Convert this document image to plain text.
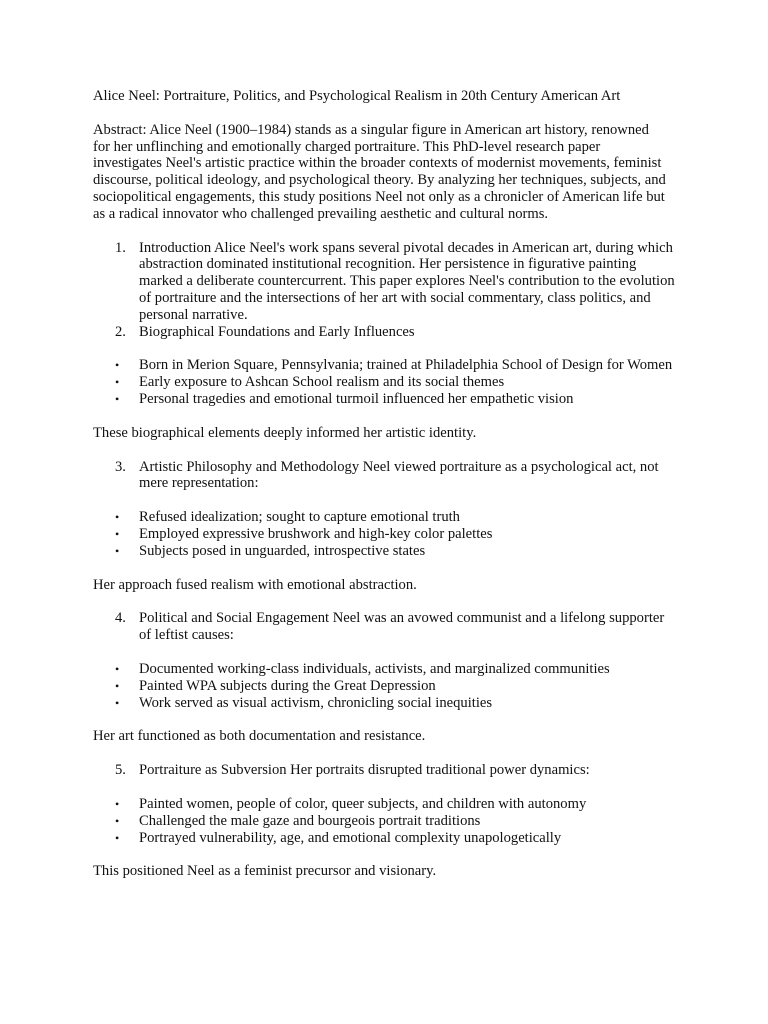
Alice Neel: Portraiture, Politics, and Psychological Realism in 20th Century American Art

Abstract: Alice Neel (1900–1984) stands as a singular figure in American art history, renowned for her unflinching and emotionally charged portraiture. This PhD-level research paper investigates Neel's artistic practice within the broader contexts of modernist movements, feminist discourse, political ideology, and psychological theory. By analyzing her techniques, subjects, and sociopolitical engagements, this study positions Neel not only as a chronicler of American life but as a radical innovator who challenged prevailing aesthetic and cultural norms.

1. Introduction Alice Neel's work spans several pivotal decades in American art, during which abstraction dominated institutional recognition. Her persistence in figurative painting marked a deliberate countercurrent. This paper explores Neel's contribution to the evolution of portraiture and the intersections of her art with social commentary, class politics, and personal narrative.
2. Biographical Foundations and Early Influences
• Born in Merion Square, Pennsylvania; trained at Philadelphia School of Design for Women
• Early exposure to Ashcan School realism and its social themes
• Personal tragedies and emotional turmoil influenced her empathetic vision

These biographical elements deeply informed her artistic identity.

3. Artistic Philosophy and Methodology Neel viewed portraiture as a psychological act, not mere representation:
• Refused idealization; sought to capture emotional truth
• Employed expressive brushwork and high-key color palettes
• Subjects posed in unguarded, introspective states

Her approach fused realism with emotional abstraction.

4. Political and Social Engagement Neel was an avowed communist and a lifelong supporter of leftist causes:
• Documented working-class individuals, activists, and marginalized communities
• Painted WPA subjects during the Great Depression
• Work served as visual activism, chronicling social inequities

Her art functioned as both documentation and resistance.

5. Portraiture as Subversion Her portraits disrupted traditional power dynamics:
• Painted women, people of color, queer subjects, and children with autonomy
• Challenged the male gaze and bourgeois portrait traditions
• Portrayed vulnerability, age, and emotional complexity unapologetically

This positioned Neel as a feminist precursor and visionary.
